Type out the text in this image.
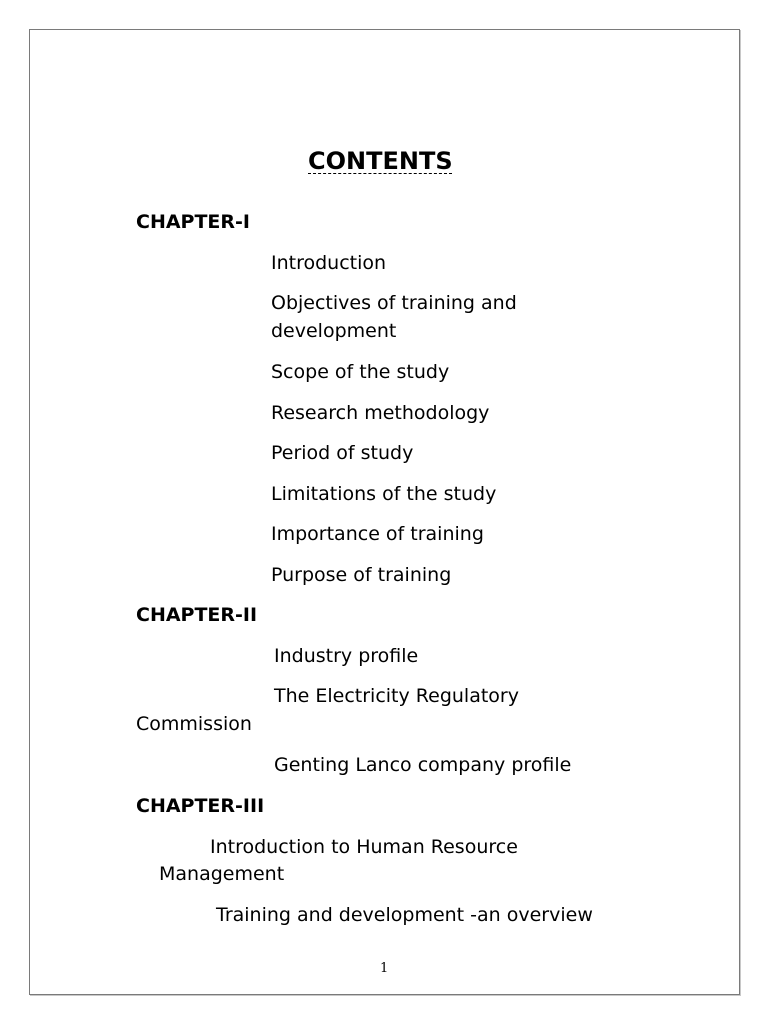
CONTENTS
CHAPTER-I
Introduction
Objectives of training and
development
Scope of the study
Research methodology
Period of study
Limitations of the study
Importance of training
Purpose of training
CHAPTER-II
Industry profile
The Electricity Regulatory
Commission
Genting Lanco company profile
CHAPTER-III
Introduction to Human Resource
Management
Training and development -an overview
1
